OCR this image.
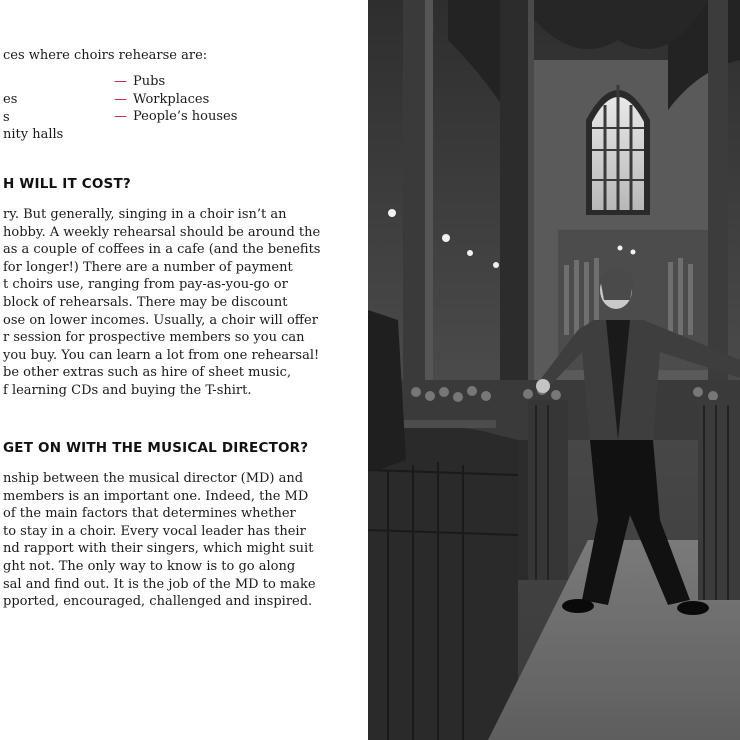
ces where choirs rehearse are:
es
s
nity halls
— Pubs
— Workplaces
— People’s houses
H WILL IT COST?
ry. But generally, singing in a choir isn’t an
hobby. A weekly rehearsal should be around the
as a couple of coffees in a cafe (and the benefits
for longer!) There are a number of payment
t choirs use, ranging from pay-as-you-go or
block of rehearsals. There may be discount
ose on lower incomes. Usually, a choir will offer
r session for prospective members so you can
you buy. You can learn a lot from one rehearsal!
be other extras such as hire of sheet music,
f learning CDs and buying the T-shirt.
GET ON WITH THE MUSICAL DIRECTOR?
nship between the musical director (MD) and
members is an important one. Indeed, the MD
of the main factors that determines whether
to stay in a choir. Every vocal leader has their
nd rapport with their singers, which might suit
ght not. The only way to know is to go along
sal and find out. It is the job of the MD to make
pported, encouraged, challenged and inspired.
